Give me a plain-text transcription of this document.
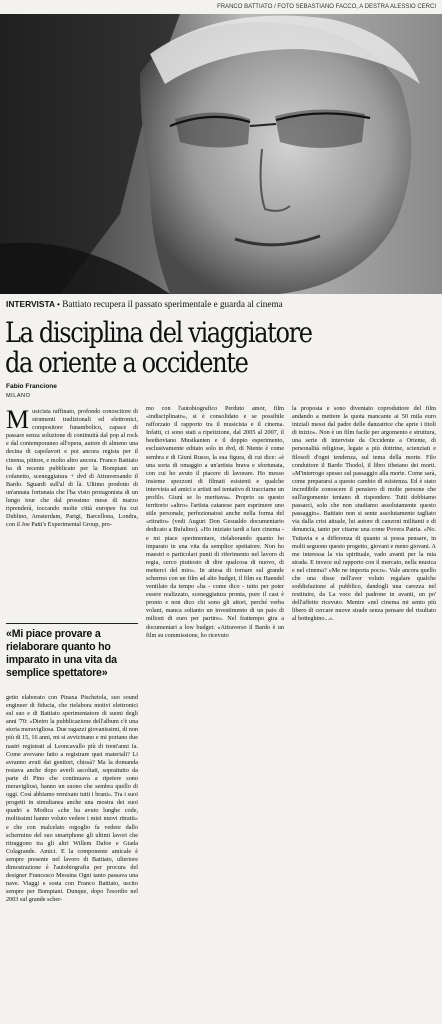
FRANCO BATTIATO / FOTO SEBASTIANO FACCO, A DESTRA ALESSIO CERCI
INTERVISTA • Battiato recupera il passato sperimentale e guarda al cinema
La disciplina del viaggiatore
da oriente a occidente
Fabio Francione
MILANO
Musicista raffinato, profondo conoscitore di strumenti tradizionali ed elettronici, compositore funambolico, capace di passare senza soluzione di continuità dal pop al rock e dal contemporaneo all'opera, autore di almeno una decina di capolavori e poi ancora regista per il cinema, pittore, e molto altro ancora. Franco Battiato ha di recente pubblicato per la Bompiani un cofanetto, sceneggiatura + dvd di Attraversando il Bardo. Sguardi sull'al di là. Ultimo prodotto di un'annata fortunata che l'ha visto protagonista di un lungo tour che dal prossimo mese di marzo riprenderà, toccando molte città europee fra cui Dublino, Amsterdam, Parigi, Barcellona, Londra, con il Joe Patti's Experimental Group, pro-
«Mi piace provare a rielaborare quanto ho imparato in una vita da semplice spettatore»
getto elaborato con Pinaxa Pischetola, suo sound engineer di fiducia, che rielabora motivi elettronici sul suo e di Battiato sperimentatore di suoni degli anni '70: «Dietro la pubblicazione dell'album c'è una storia meravigliosa. Due ragazzi giovanissimi, di non più di 15, 16 anni, mi si avvicinano e mi portano due nastri registrati al Leoncavallo più di trent'anni fa. Come avevano fatto a registrare quei materiali? Li avranno avuti dai genitori, chissà? Ma la domanda restava anche dopo averli ascoltati, soprattutto da parte di Pino che continuava a ripetere sono meravigliosi, hanno un suono che sembra quello di oggi. Così abbiamo remixato tutti i brani». Tra i suoi progetti in simultanea anche una mostra dei suoi quadri a Modica «che ha avuto lunghe code, moltissimi hanno voluto vedere i miei nuovi ritratti» e che con malcelato orgoglio fa vedere dallo schermino del suo smartphone gli ultimi lavori che ritraggono tra gli altri Willem Dafoe e Giada Colagrande. Amici. E la componente amicale è sempre presente nel lavoro di Battiato, ulteriore dimostrazione è l'autobiografia per procura del designer Francesco Messina Ogni tanto passava una nave. Viaggi e sosta con Franco Battiato, uscito sempre per Bompiani. Dunque, dopo l'esordio nel 2003 sul grande scher-
mo con l'autobiografico Perduto amor, film «indisciplinato», si è consolidato e se possibile rafforzato il rapporto tra il musicista e il cinema. Infatti, ci sono stati a ripetizione, dal 2005 al 2007, il beethoviano Musikanten e il doppio esperimento, esclusivamente editato solo in dvd, di Niente è come sembra e di Giunì Russo, la sua figura, di cui dice: «è una sorta di omaggio a un'artista brava e sfortunata, con cui ho avuto il piacere di lavorare. Ho messo insieme spezzoni di filmati esistenti e qualche intervista ad amici e artisti nel tentativo di tracciarne un profilo. Giunì se lo meritava». Proprio su questo territorio «altro» l'artista catanese pare esprimere uno stile personale, perfezionatosi anche nella forma del «ritratto» (vedi Auguri Don Gesualdo documentario dedicato a Bufalino). «Ho iniziato tardi a fare cinema - e mi piace sperimentare, rielaborando quanto ho imparato in una vita da semplice spettatore. Non ho maestri o particolari punti di riferimento nel lavoro di regia, cerco piuttosto di dire qualcosa di nuovo, di metterci del mio». In attesa di tornare sul grande schermo con un film ad alto budget, il film su Haendel ventilato da tempo «ha - come dico - tutto per poter essere realizzato, sceneggiatura pronta, pure il cast è pronto e non dico chi sono gli attori, perché verba volant, manca soltanto un investimento di un paio di milioni di euro per partire». Nel frattempo gira a documentari a low budget: «Attraverso il Bardo è un film su commissione, ho ricevuto
la proposta e sono diventato coproduttore del film andando a mettere la quota mancante ai 50 mila euro iniziali messi dal padre delle danzatrice che aprie i titoli di inizio». Non è un film facile per argomento e struttura, una serie di interviste da Occidente a Oriente, di personalità religiose, legate a più dottrine, scienziati e filosofi d'ogni tendenza, sul tema della morte. Filo conduttore il Bardo Thodol, il libro tibetano dei morti. «M'interrogo spesso sul passaggio alla morte. Come sarà, come prepararsi a questo cambio di esistenza. Ed è stato incredibile conoscere il pensiero di molte persone che sull'argomento tentano di rispondere. Tutti dobbiamo passarci, solo che non studiamo assolutamente questo passaggio». Battiato non si sente assolutamente tagliato via dalla crisi attuale, lui autore di canzoni militanti e di denuncia, tanto per citarne una come Povera Patria. «No. Tuttavia e a differenza di quanto si possa pensare, in molti seguono questo progetto, giovani e meno giovani. A me interessa la via spirituale, vado avanti per la mia strada. E invece sul rapporto con il mercato, nella musica e nel cinema? «Me ne importa poco». Vale ancora quello che una disse nell'aver voluto regalare qualche soddisfazione al pubblico, dandogli una carezza nel restituire, da La voce del padrone in avanti, un po' dell'affetto ricevuto. Mentre «nel cinema mi sento più libero di cercare nuove strade senza pensare del risultato al botteghino...».
